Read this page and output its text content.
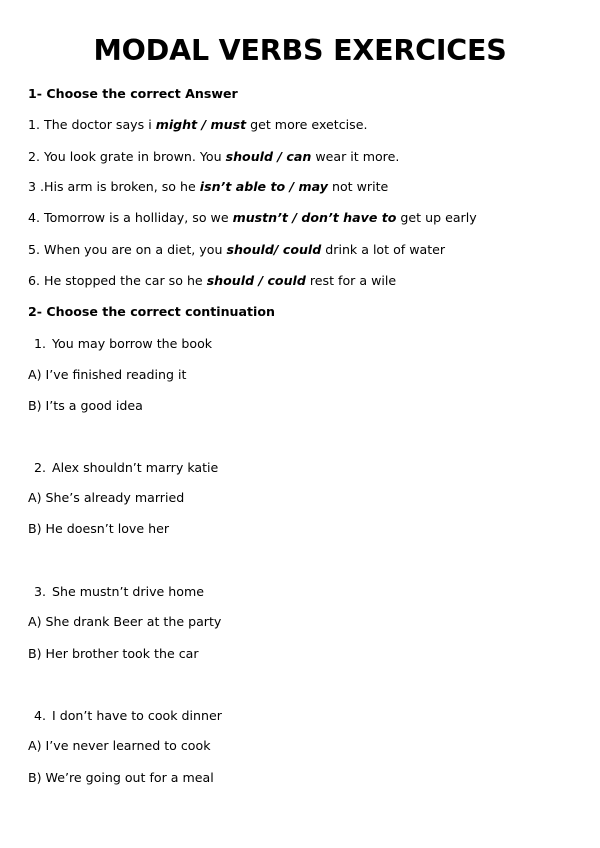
MODAL VERBS EXERCICES
1- Choose the correct Answer
1. The doctor says i might / must get more exetcise.
2. You look grate in brown. You should / can wear it more.
3 .His arm is broken, so he isn’t able to / may not write
4. Tomorrow is a holliday, so we mustn’t / don’t have to get up early
5. When you are on a diet, you should/ could drink a lot of water
6. He stopped the car so he should / could rest for a wile
2- Choose the correct continuation
1. You may borrow the book
A) I’ve finished reading it
B) I’ts a good idea
2. Alex shouldn’t marry katie
A) She’s already married
B) He doesn’t love her
3. She mustn’t drive home
A) She drank Beer at the party
B) Her brother took the car
4. I don’t have to cook dinner
A) I’ve never learned to cook
B) We’re going out for a meal
